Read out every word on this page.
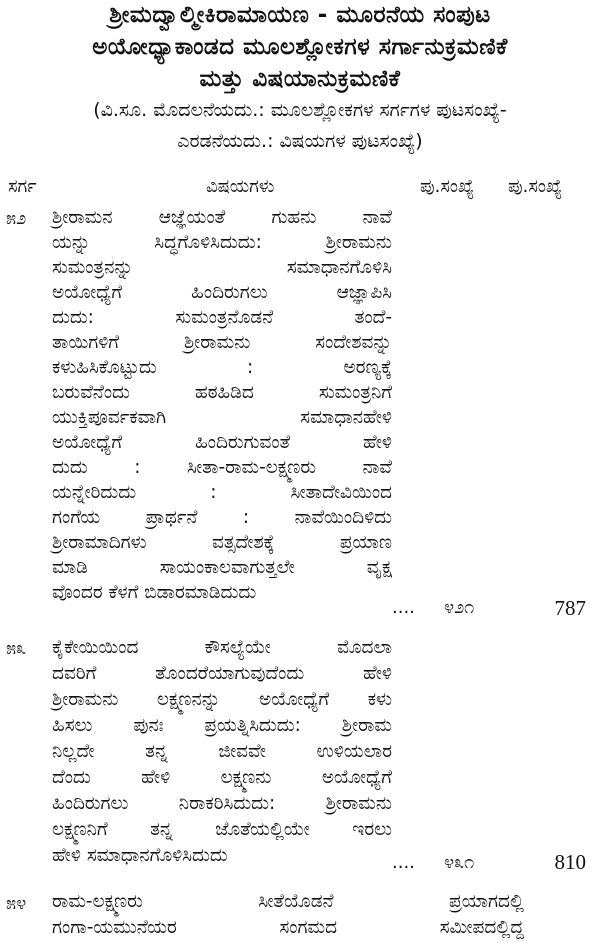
ಶ್ರೀಮದ್ವಾಲ್ಮೀಕಿರಾಮಾಯಣ - ಮೂರನೆಯ ಸಂಪುಟ
ಅಯೋಧ್ಯಾಕಾಂಡದ ಮೂಲಶ್ಲೋಕಗಳ ಸರ್ಗಾನುಕ್ರಮಣಿಕೆ
ಮತ್ತು ವಿಷಯಾನುಕ್ರಮಣಿಕೆ
(ವಿ.ಸೂ. ಮೊದಲನೆಯದು.: ಮೂಲಶ್ಲೋಕಗಳ ಸರ್ಗಗಳ ಪುಟಸಂಖ್ಯೆ-
ಎರಡನೆಯದು.: ವಿಷಯಗಳ ಪುಟಸಂಖ್ಯೆ)
ಸರ್ಗ	ವಿಷಯಗಳು	ಪು.ಸಂಖ್ಯೆ ಪು.ಸಂಖ್ಯೆ
೫೨ ಶ್ರೀರಾಮನ ಆಜ್ಞೆಯಂತೆ ಗುಹನು ನಾವೆ
ಯನ್ನು ಸಿದ್ಧಗೊಳಿಸಿದುದು: ಶ್ರೀರಾಮನು
ಸುಮಂತ್ರನನ್ನು ಸಮಾಧಾನಗೊಳಿಸಿ
ಅಯೋಧ್ಯೆಗೆ ಹಿಂದಿರುಗಲು ಆಜ್ಞಾಪಿಸಿ
ದುದು: ಸುಮಂತ್ರನೊಡನೆ ತಂದೆ-
ತಾಯಿಗಳಿಗೆ ಶ್ರೀರಾಮನು ಸಂದೇಶವನ್ನು
ಕಳುಹಿಸಿಕೊಟ್ಟುದು : ಅರಣ್ಯಕ್ಕೆ
ಬರುವೆನೆಂದು ಹಠಹಿಡಿದ ಸುಮಂತ್ರನಿಗೆ
ಯುಕ್ತಿಪೂರ್ವಕವಾಗಿ ಸಮಾಧಾನಹೇಳಿ
ಅಯೋಧ್ಯೆಗೆ ಹಿಂದಿರುಗುವಂತೆ ಹೇಳಿ
ದುದು : ಸೀತಾ-ರಾಮ-ಲಕ್ಷ್ಮಣರು ನಾವೆ
ಯನ್ನೇರಿದುದು : ಸೀತಾದೇವಿಯಿಂದ
ಗಂಗೆಯ ಪ್ರಾರ್ಥನೆ : ನಾವೆಯಿಂದಿಳಿದು
ಶ್ರೀರಾಮಾದಿಗಳು ವತ್ಸದೇಶಕ್ಕೆ ಪ್ರಯಾಣ
ಮಾಡಿ ಸಾಯಂಕಾಲವಾಗುತ್ತಲೇ ವೃಕ್ಷ
ವೊಂದರ ಕೆಳಗೆ ಬಿಡಾರಮಾಡಿದುದು
.... ೪೨೧	787
೫೩ ಕೈಕೇಯಿಯಿಂದ ಕೌಸಲ್ಯೆಯೇ ಮೊದಲಾ
ದವರಿಗೆ ತೊಂದರೆಯಾಗುವುದೆಂದು ಹೇಳಿ
ಶ್ರೀರಾಮನು ಲಕ್ಷ್ಮಣನನ್ನು ಅಯೋಧ್ಯೆಗೆ ಕಳು
ಹಿಸಲು ಪುನಃ ಪ್ರಯತ್ನಿಸಿದುದು: ಶ್ರೀರಾಮ
ನಿಲ್ಲದೇ ತನ್ನ ಜೀವವೇ ಉಳಿಯಲಾರ
ದೆಂದು ಹೇಳಿ ಲಕ್ಷ್ಮಣನು ಅಯೋಧ್ಯೆಗೆ
ಹಿಂದಿರುಗಲು ನಿರಾಕರಿಸಿದುದು: ಶ್ರೀರಾಮನು
ಲಕ್ಷ್ಮಣನಿಗೆ ತನ್ನ ಜೊತೆಯಲ್ಲಿಯೇ ಇರಲು
ಹೇಳಿ ಸಮಾಧಾನಗೊಳಿಸಿದುದು	.... ೪೩೧	810
೫೪ ರಾಮ-ಲಕ್ಷ್ಮಣರು ಸೀತೆಯೊಡನೆ ಪ್ರಯಾಗದಲ್ಲಿ
ಗಂಗಾ-ಯಮುನೆಯರ ಸಂಗಮದ ಸಮೀಪದಲ್ಲಿದ್ದ
